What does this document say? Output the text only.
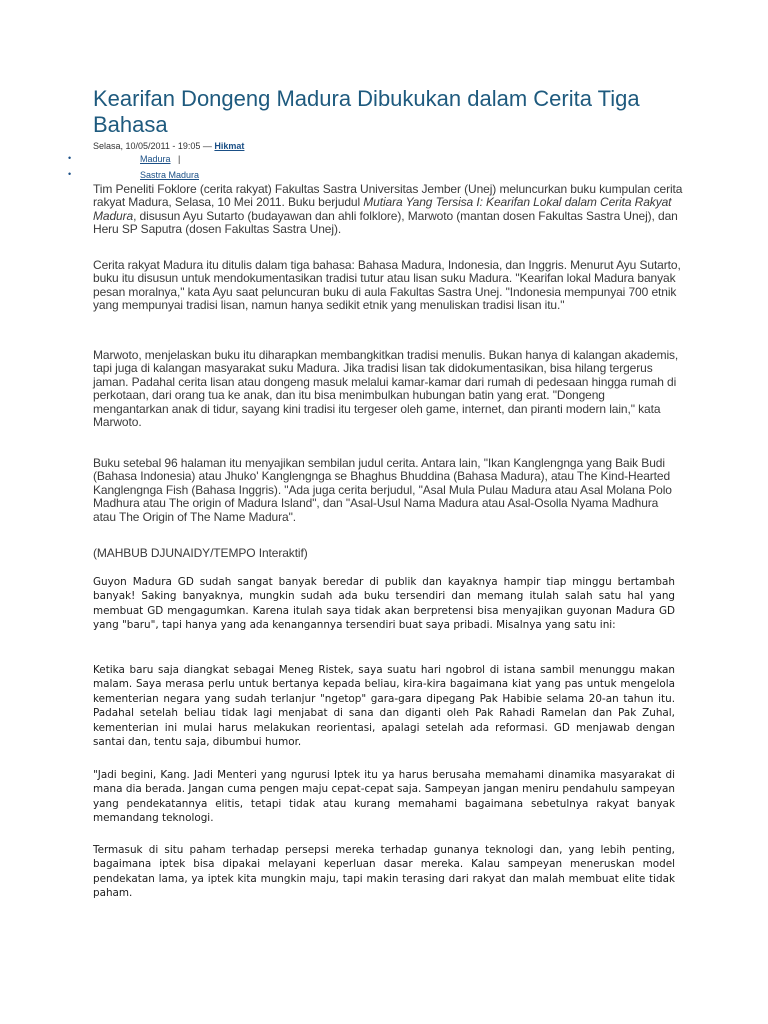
Kearifan Dongeng Madura Dibukukan dalam Cerita Tiga Bahasa
Selasa, 10/05/2011 - 19:05 — Hikmat
•	Madura |
•	Sastra Madura

Tim Peneliti Foklore (cerita rakyat) Fakultas Sastra Universitas Jember (Unej) meluncurkan buku kumpulan cerita rakyat Madura, Selasa, 10 Mei 2011. Buku berjudul Mutiara Yang Tersisa I: Kearifan Lokal dalam Cerita Rakyat Madura, disusun Ayu Sutarto (budayawan dan ahli folklore), Marwoto (mantan dosen Fakultas Sastra Unej), dan Heru SP Saputra (dosen Fakultas Sastra Unej).

Cerita rakyat Madura itu ditulis dalam tiga bahasa: Bahasa Madura, Indonesia, dan Inggris. Menurut Ayu Sutarto, buku itu disusun untuk mendokumentasikan tradisi tutur atau lisan suku Madura. "Kearifan lokal Madura banyak pesan moralnya," kata Ayu saat peluncuran buku di aula Fakultas Sastra Unej. "Indonesia mempunyai 700 etnik yang mempunyai tradisi lisan, namun hanya sedikit etnik yang menuliskan tradisi lisan itu."

Marwoto, menjelaskan buku itu diharapkan membangkitkan tradisi menulis. Bukan hanya di kalangan akademis, tapi juga di kalangan masyarakat suku Madura. Jika tradisi lisan tak didokumentasikan, bisa hilang tergerus jaman. Padahal cerita lisan atau dongeng masuk melalui kamar-kamar dari rumah di pedesaan hingga rumah di perkotaan, dari orang tua ke anak, dan itu bisa menimbulkan hubungan batin yang erat. "Dongeng mengantarkan anak di tidur, sayang kini tradisi itu tergeser oleh game, internet, dan piranti modern lain," kata Marwoto.

Buku setebal 96 halaman itu menyajikan sembilan judul cerita. Antara lain, "Ikan Kanglengnga yang Baik Budi (Bahasa Indonesia) atau Jhuko' Kanglengnga se Bhaghus Bhuddina (Bahasa Madura), atau The Kind-Hearted Kanglengnga Fish (Bahasa Inggris). "Ada juga cerita berjudul, "Asal Mula Pulau Madura atau Asal Molana Polo Madhura atau The origin of Madura Island", dan "Asal-Usul Nama Madura atau Asal-Osolla Nyama Madhura atau The Origin of The Name Madura".

(MAHBUB DJUNAIDY/TEMPO Interaktif)

Guyon Madura GD sudah sangat banyak beredar di publik dan kayaknya hampir tiap minggu bertambah banyak! Saking banyaknya, mungkin sudah ada buku tersendiri dan memang itulah salah satu hal yang membuat GD mengagumkan. Karena itulah saya tidak akan berpretensi bisa menyajikan guyonan Madura GD yang "baru", tapi hanya yang ada kenangannya tersendiri buat saya pribadi. Misalnya yang satu ini:

Ketika baru saja diangkat sebagai Meneg Ristek, saya suatu hari ngobrol di istana sambil menunggu makan malam. Saya merasa perlu untuk bertanya kepada beliau, kira-kira bagaimana kiat yang pas untuk mengelola kementerian negara yang sudah terlanjur "ngetop" gara-gara dipegang Pak Habibie selama 20-an tahun itu. Padahal setelah beliau tidak lagi menjabat di sana dan diganti oleh Pak Rahadi Ramelan dan Pak Zuhal, kementerian ini mulai harus melakukan reorientasi, apalagi setelah ada reformasi. GD menjawab dengan santai dan, tentu saja, dibumbui humor.

"Jadi begini, Kang. Jadi Menteri yang ngurusi Iptek itu ya harus berusaha memahami dinamika masyarakat di mana dia berada. Jangan cuma pengen maju cepat-cepat saja. Sampeyan jangan meniru pendahulu sampeyan yang pendekatannya elitis, tetapi tidak atau kurang memahami bagaimana sebetulnya rakyat banyak memandang teknologi.

Termasuk di situ paham terhadap persepsi mereka terhadap gunanya teknologi dan, yang lebih penting, bagaimana iptek bisa dipakai melayani keperluan dasar mereka. Kalau sampeyan meneruskan model pendekatan lama, ya iptek kita mungkin maju, tapi makin terasing dari rakyat dan malah membuat elite tidak paham.
